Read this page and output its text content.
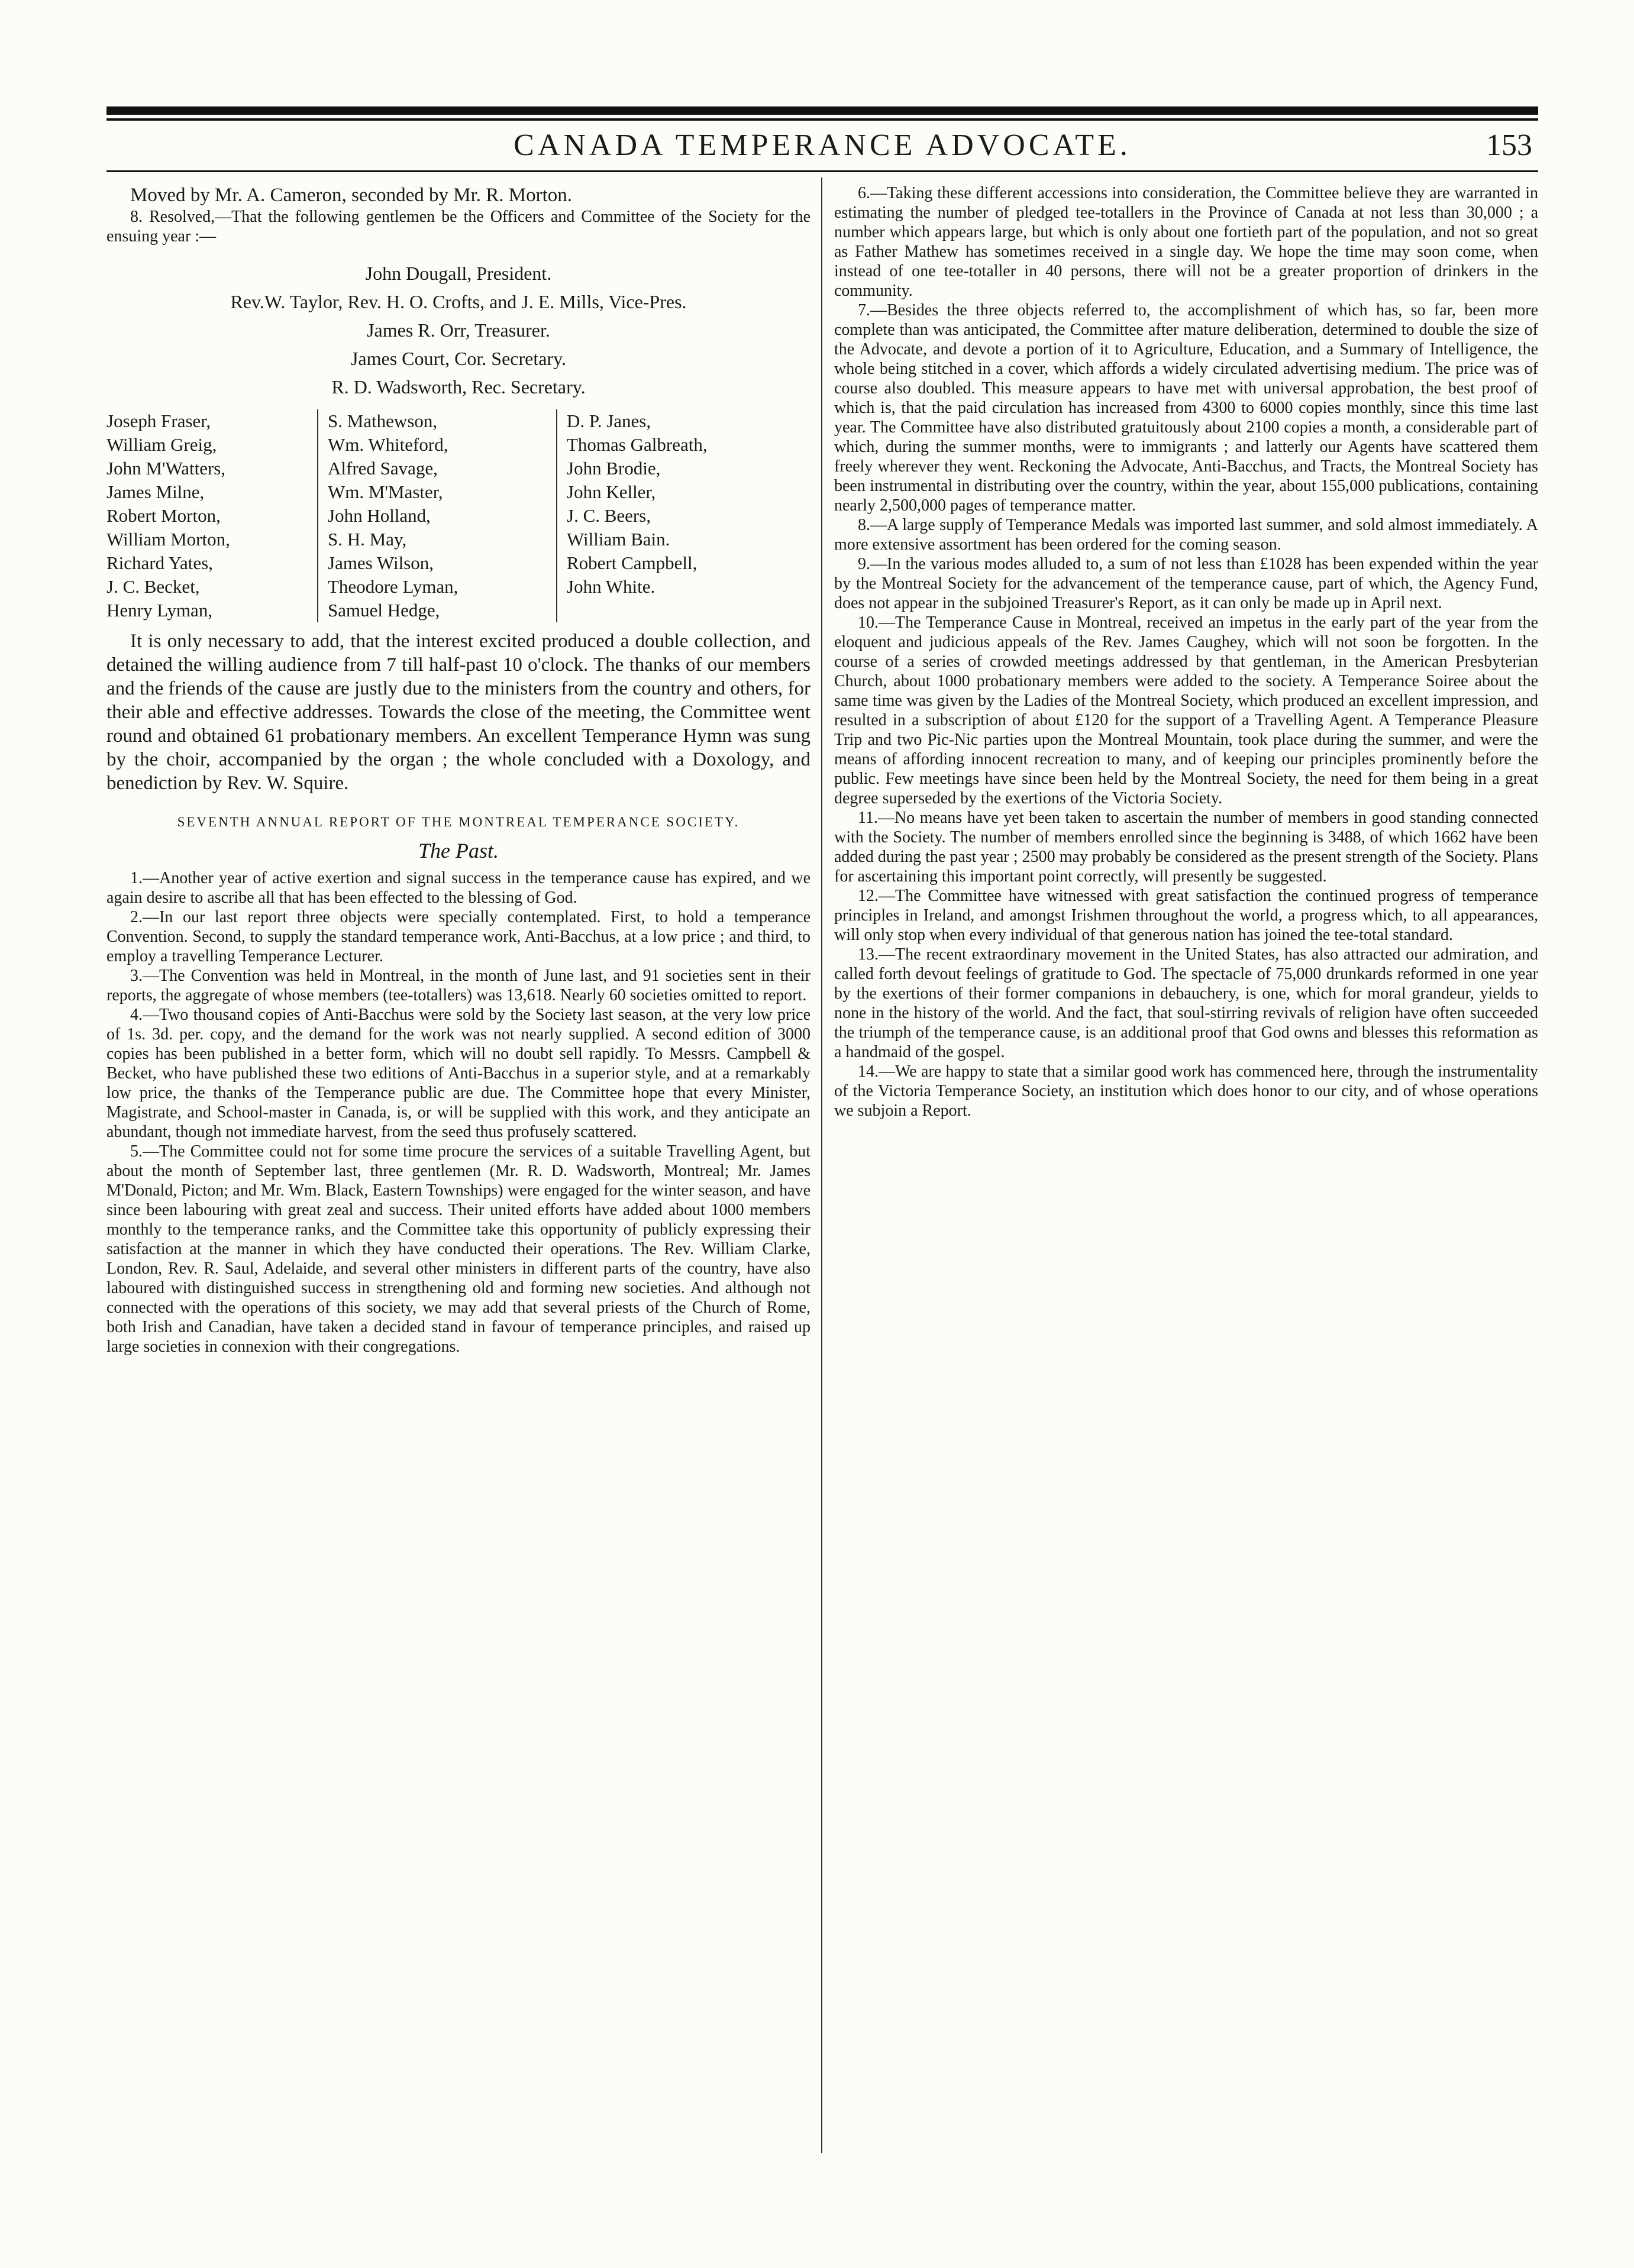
CANADA TEMPERANCE ADVOCATE.	153

Moved by Mr. A. Cameron, seconded by Mr. R. Morton.

8. Resolved,—That the following gentlemen be the Officers and Committee of the Society for the ensuing year :—

John Dougall, President.

Rev.W. Taylor, Rev. H. O. Crofts, and J. E. Mills, Vice-Pres.

James R. Orr, Treasurer.

James Court, Cor. Secretary.

R. D. Wadsworth, Rec. Secretary.

Joseph Fraser,
William Greig,
John M'Watters,
James Milne,
Robert Morton,
William Morton,
Richard Yates,
J. C. Becket,
Henry Lyman,
S. Mathewson,
Wm. Whiteford,
Alfred Savage,
Wm. M'Master,
John Holland,
S. H. May,
James Wilson,
Theodore Lyman,
Samuel Hedge,
D. P. Janes,
Thomas Galbreath,
John Brodie,
John Keller,
J. C. Beers,
William Bain.
Robert Campbell,
John White.

It is only necessary to add, that the interest excited produced a double collection, and detained the willing audience from 7 till half-past 10 o'clock. The thanks of our members and the friends of the cause are justly due to the ministers from the country and others, for their able and effective addresses. Towards the close of the meeting, the Committee went round and obtained 61 probationary members. An excellent Temperance Hymn was sung by the choir, accompanied by the organ ; the whole concluded with a Doxology, and benediction by Rev. W. Squire.

SEVENTH ANNUAL REPORT OF THE MONTREAL TEMPERANCE SOCIETY.

The Past.

1.—Another year of active exertion and signal success in the temperance cause has expired, and we again desire to ascribe all that has been effected to the blessing of God.

2.—In our last report three objects were specially contemplated. First, to hold a temperance Convention. Second, to supply the standard temperance work, Anti-Bacchus, at a low price ; and third, to employ a travelling Temperance Lecturer.

3.—The Convention was held in Montreal, in the month of June last, and 91 societies sent in their reports, the aggregate of whose members (tee-totallers) was 13,618. Nearly 60 societies omitted to report.

4.—Two thousand copies of Anti-Bacchus were sold by the Society last season, at the very low price of 1s. 3d. per. copy, and the demand for the work was not nearly supplied. A second edition of 3000 copies has been published in a better form, which will no doubt sell rapidly. To Messrs. Campbell & Becket, who have published these two editions of Anti-Bacchus in a superior style, and at a remarkably low price, the thanks of the Temperance public are due. The Committee hope that every Minister, Magistrate, and School-master in Canada, is, or will be supplied with this work, and they anticipate an abundant, though not immediate harvest, from the seed thus profusely scattered.

5.—The Committee could not for some time procure the services of a suitable Travelling Agent, but about the month of September last, three gentlemen (Mr. R. D. Wadsworth, Montreal; Mr. James M'Donald, Picton; and Mr. Wm. Black, Eastern Townships) were engaged for the winter season, and have since been labouring with great zeal and success. Their united efforts have added about 1000 members monthly to the temperance ranks, and the Committee take this opportunity of publicly expressing their satisfaction at the manner in which they have conducted their operations. The Rev. William Clarke, London, Rev. R. Saul, Adelaide, and several other ministers in different parts of the country, have also laboured with distinguished success in strengthening old and forming new societies. And although not connected with the operations of this society, we may add that several priests of the Church of Rome, both Irish and Canadian, have taken a decided stand in favour of temperance principles, and raised up large societies in connexion with their congregations.

6.—Taking these different accessions into consideration, the Committee believe they are warranted in estimating the number of pledged tee-totallers in the Province of Canada at not less than 30,000 ; a number which appears large, but which is only about one fortieth part of the population, and not so great as Father Mathew has sometimes received in a single day. We hope the time may soon come, when instead of one tee-totaller in 40 persons, there will not be a greater proportion of drinkers in the community.

7.—Besides the three objects referred to, the accomplishment of which has, so far, been more complete than was anticipated, the Committee after mature deliberation, determined to double the size of the Advocate, and devote a portion of it to Agriculture, Education, and a Summary of Intelligence, the whole being stitched in a cover, which affords a widely circulated advertising medium. The price was of course also doubled. This measure appears to have met with universal approbation, the best proof of which is, that the paid circulation has increased from 4300 to 6000 copies monthly, since this time last year. The Committee have also distributed gratuitously about 2100 copies a month, a considerable part of which, during the summer months, were to immigrants ; and latterly our Agents have scattered them freely wherever they went. Reckoning the Advocate, Anti-Bacchus, and Tracts, the Montreal Society has been instrumental in distributing over the country, within the year, about 155,000 publications, containing nearly 2,500,000 pages of temperance matter.

8.—A large supply of Temperance Medals was imported last summer, and sold almost immediately. A more extensive assortment has been ordered for the coming season.

9.—In the various modes alluded to, a sum of not less than £1028 has been expended within the year by the Montreal Society for the advancement of the temperance cause, part of which, the Agency Fund, does not appear in the subjoined Treasurer's Report, as it can only be made up in April next.

10.—The Temperance Cause in Montreal, received an impetus in the early part of the year from the eloquent and judicious appeals of the Rev. James Caughey, which will not soon be forgotten. In the course of a series of crowded meetings addressed by that gentleman, in the American Presbyterian Church, about 1000 probationary members were added to the society. A Temperance Soiree about the same time was given by the Ladies of the Montreal Society, which produced an excellent impression, and resulted in a subscription of about £120 for the support of a Travelling Agent. A Temperance Pleasure Trip and two Pic-Nic parties upon the Montreal Mountain, took place during the summer, and were the means of affording innocent recreation to many, and of keeping our principles prominently before the public. Few meetings have since been held by the Montreal Society, the need for them being in a great degree superseded by the exertions of the Victoria Society.

11.—No means have yet been taken to ascertain the number of members in good standing connected with the Society. The number of members enrolled since the beginning is 3488, of which 1662 have been added during the past year ; 2500 may probably be considered as the present strength of the Society. Plans for ascertaining this important point correctly, will presently be suggested.

12.—The Committee have witnessed with great satisfaction the continued progress of temperance principles in Ireland, and amongst Irishmen throughout the world, a progress which, to all appearances, will only stop when every individual of that generous nation has joined the tee-total standard.

13.—The recent extraordinary movement in the United States, has also attracted our admiration, and called forth devout feelings of gratitude to God. The spectacle of 75,000 drunkards reformed in one year by the exertions of their former companions in debauchery, is one, which for moral grandeur, yields to none in the history of the world. And the fact, that soul-stirring revivals of religion have often succeeded the triumph of the temperance cause, is an additional proof that God owns and blesses this reformation as a handmaid of the gospel.

14.—We are happy to state that a similar good work has commenced here, through the instrumentality of the Victoria Temperance Society, an institution which does honor to our city, and of whose operations we subjoin a Report.
